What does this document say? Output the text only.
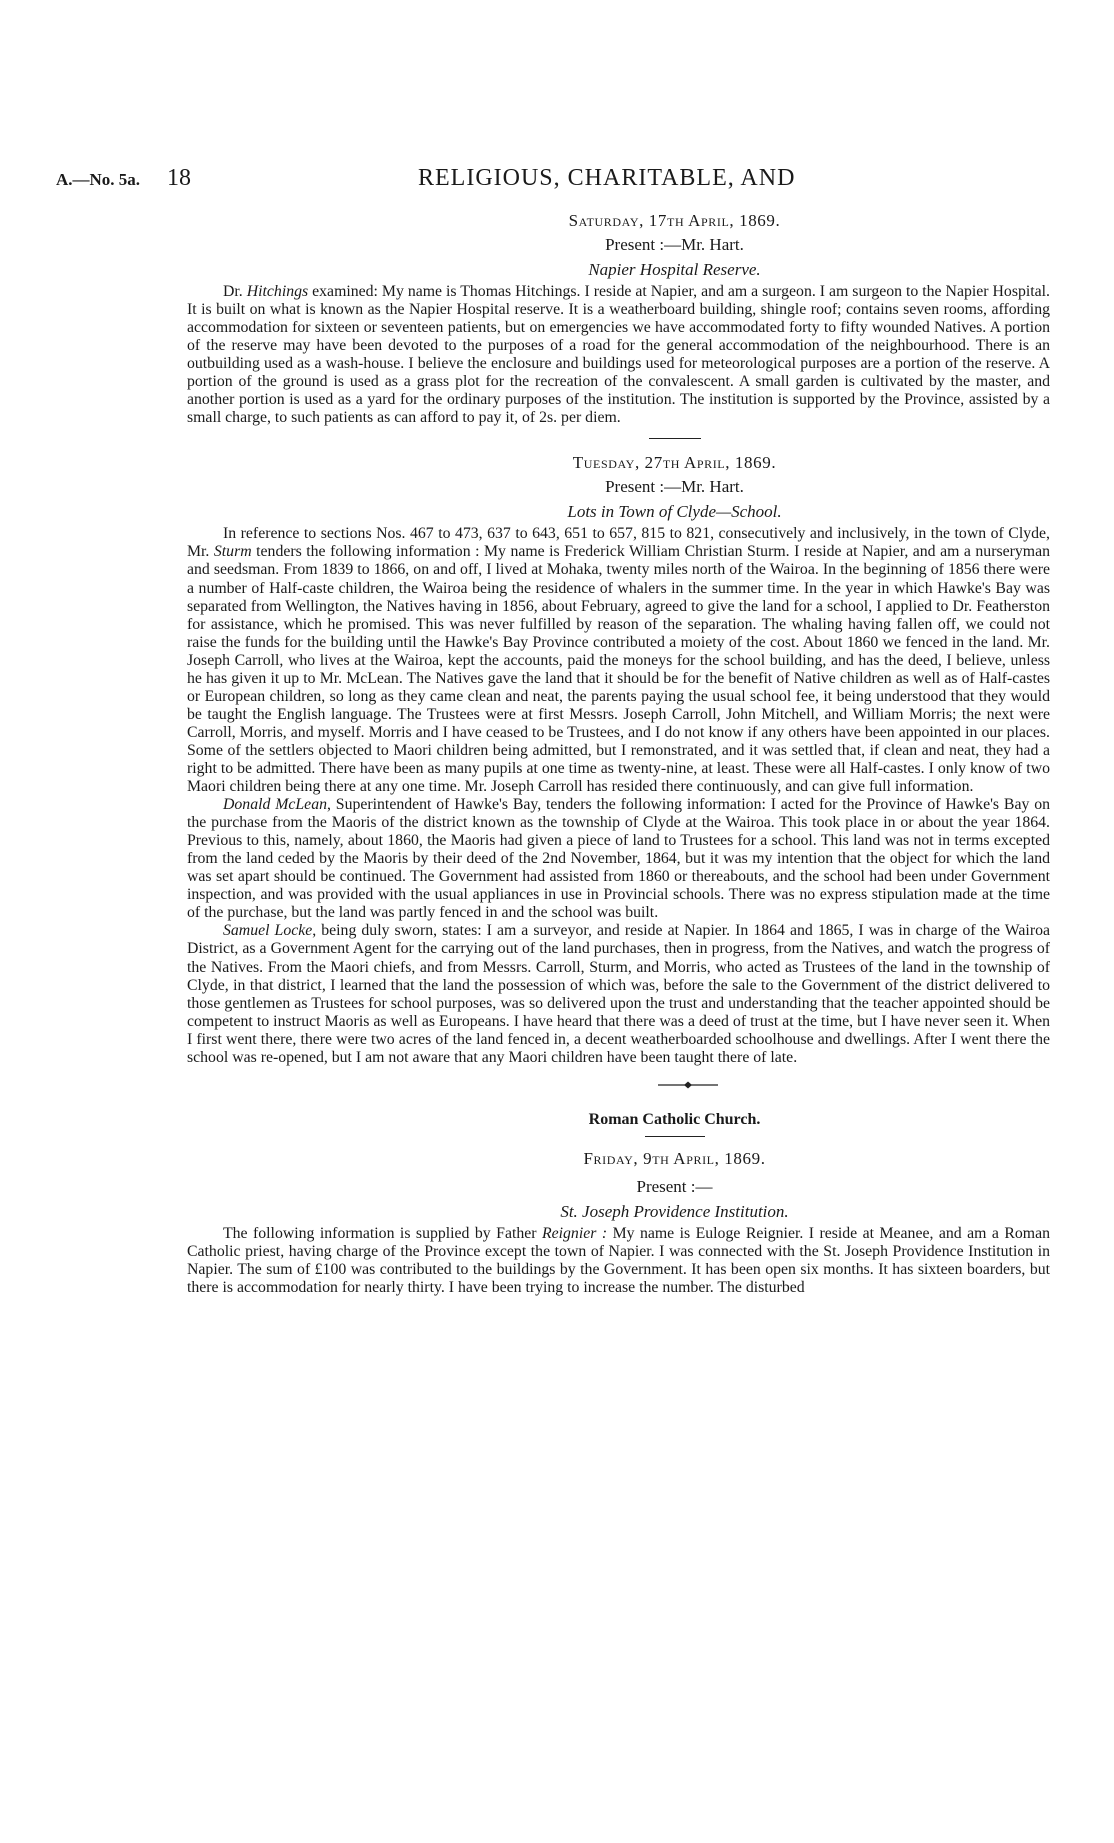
A.—No. 5a. 18	RELIGIOUS, CHARITABLE, AND
Saturday, 17th April, 1869.
Present :—Mr. Hart.
Napier Hospital Reserve.

Dr. Hitchings examined: My name is Thomas Hitchings. I reside at Napier, and am a surgeon. I am surgeon to the Napier Hospital. It is built on what is known as the Napier Hospital reserve. It is a weatherboard building, shingle roof; contains seven rooms, affording accommodation for sixteen or seventeen patients, but on emergencies we have accommodated forty to fifty wounded Natives. A portion of the reserve may have been devoted to the purposes of a road for the general accommodation of the neighbourhood. There is an outbuilding used as a wash-house. I believe the enclosure and buildings used for meteorological purposes are a portion of the reserve. A portion of the ground is used as a grass plot for the recreation of the convalescent. A small garden is cultivated by the master, and another portion is used as a yard for the ordinary purposes of the institution. The institution is supported by the Province, assisted by a small charge, to such patients as can afford to pay it, of 2s. per diem.

Tuesday, 27th April, 1869.
Present :—Mr. Hart.
Lots in Town of Clyde—School.

In reference to sections Nos. 467 to 473, 637 to 643, 651 to 657, 815 to 821, consecutively and inclusively, in the town of Clyde, Mr. Sturm tenders the following information : My name is Frederick William Christian Sturm. I reside at Napier, and am a nurseryman and seedsman. From 1839 to 1866, on and off, I lived at Mohaka, twenty miles north of the Wairoa. In the beginning of 1856 there were a number of Half-caste children, the Wairoa being the residence of whalers in the summer time. In the year in which Hawke's Bay was separated from Wellington, the Natives having in 1856, about February, agreed to give the land for a school, I applied to Dr. Featherston for assistance, which he promised. This was never fulfilled by reason of the separation. The whaling having fallen off, we could not raise the funds for the building until the Hawke's Bay Province contributed a moiety of the cost. About 1860 we fenced in the land. Mr. Joseph Carroll, who lives at the Wairoa, kept the accounts, paid the moneys for the school building, and has the deed, I believe, unless he has given it up to Mr. McLean. The Natives gave the land that it should be for the benefit of Native children as well as of Half-castes or European children, so long as they came clean and neat, the parents paying the usual school fee, it being understood that they would be taught the English language. The Trustees were at first Messrs. Joseph Carroll, John Mitchell, and William Morris; the next were Carroll, Morris, and myself. Morris and I have ceased to be Trustees, and I do not know if any others have been appointed in our places. Some of the settlers objected to Maori children being admitted, but I remonstrated, and it was settled that, if clean and neat, they had a right to be admitted. There have been as many pupils at one time as twenty-nine, at least. These were all Half-castes. I only know of two Maori children being there at any one time. Mr. Joseph Carroll has resided there continuously, and can give full information.

Donald McLean, Superintendent of Hawke's Bay, tenders the following information: I acted for the Province of Hawke's Bay on the purchase from the Maoris of the district known as the township of Clyde at the Wairoa. This took place in or about the year 1864. Previous to this, namely, about 1860, the Maoris had given a piece of land to Trustees for a school. This land was not in terms excepted from the land ceded by the Maoris by their deed of the 2nd November, 1864, but it was my intention that the object for which the land was set apart should be continued. The Government had assisted from 1860 or thereabouts, and the school had been under Government inspection, and was provided with the usual appliances in use in Provincial schools. There was no express stipulation made at the time of the purchase, but the land was partly fenced in and the school was built.

Samuel Locke, being duly sworn, states: I am a surveyor, and reside at Napier. In 1864 and 1865, I was in charge of the Wairoa District, as a Government Agent for the carrying out of the land purchases, then in progress, from the Natives, and watch the progress of the Natives. From the Maori chiefs, and from Messrs. Carroll, Sturm, and Morris, who acted as Trustees of the land in the township of Clyde, in that district, I learned that the land the possession of which was, before the sale to the Government of the district delivered to those gentlemen as Trustees for school purposes, was so delivered upon the trust and understanding that the teacher appointed should be competent to instruct Maoris as well as Europeans. I have heard that there was a deed of trust at the time, but I have never seen it. When I first went there, there were two acres of the land fenced in, a decent weatherboarded schoolhouse and dwellings. After I went there the school was re-opened, but I am not aware that any Maori children have been taught there of late.

Roman Catholic Church.
Friday, 9th April, 1869.
Present :—
St. Joseph Providence Institution.

The following information is supplied by Father Reignier : My name is Euloge Reignier. I reside at Meanee, and am a Roman Catholic priest, having charge of the Province except the town of Napier. I was connected with the St. Joseph Providence Institution in Napier. The sum of £100 was contributed to the buildings by the Government. It has been open six months. It has sixteen boarders, but there is accommodation for nearly thirty. I have been trying to increase the number. The disturbed
